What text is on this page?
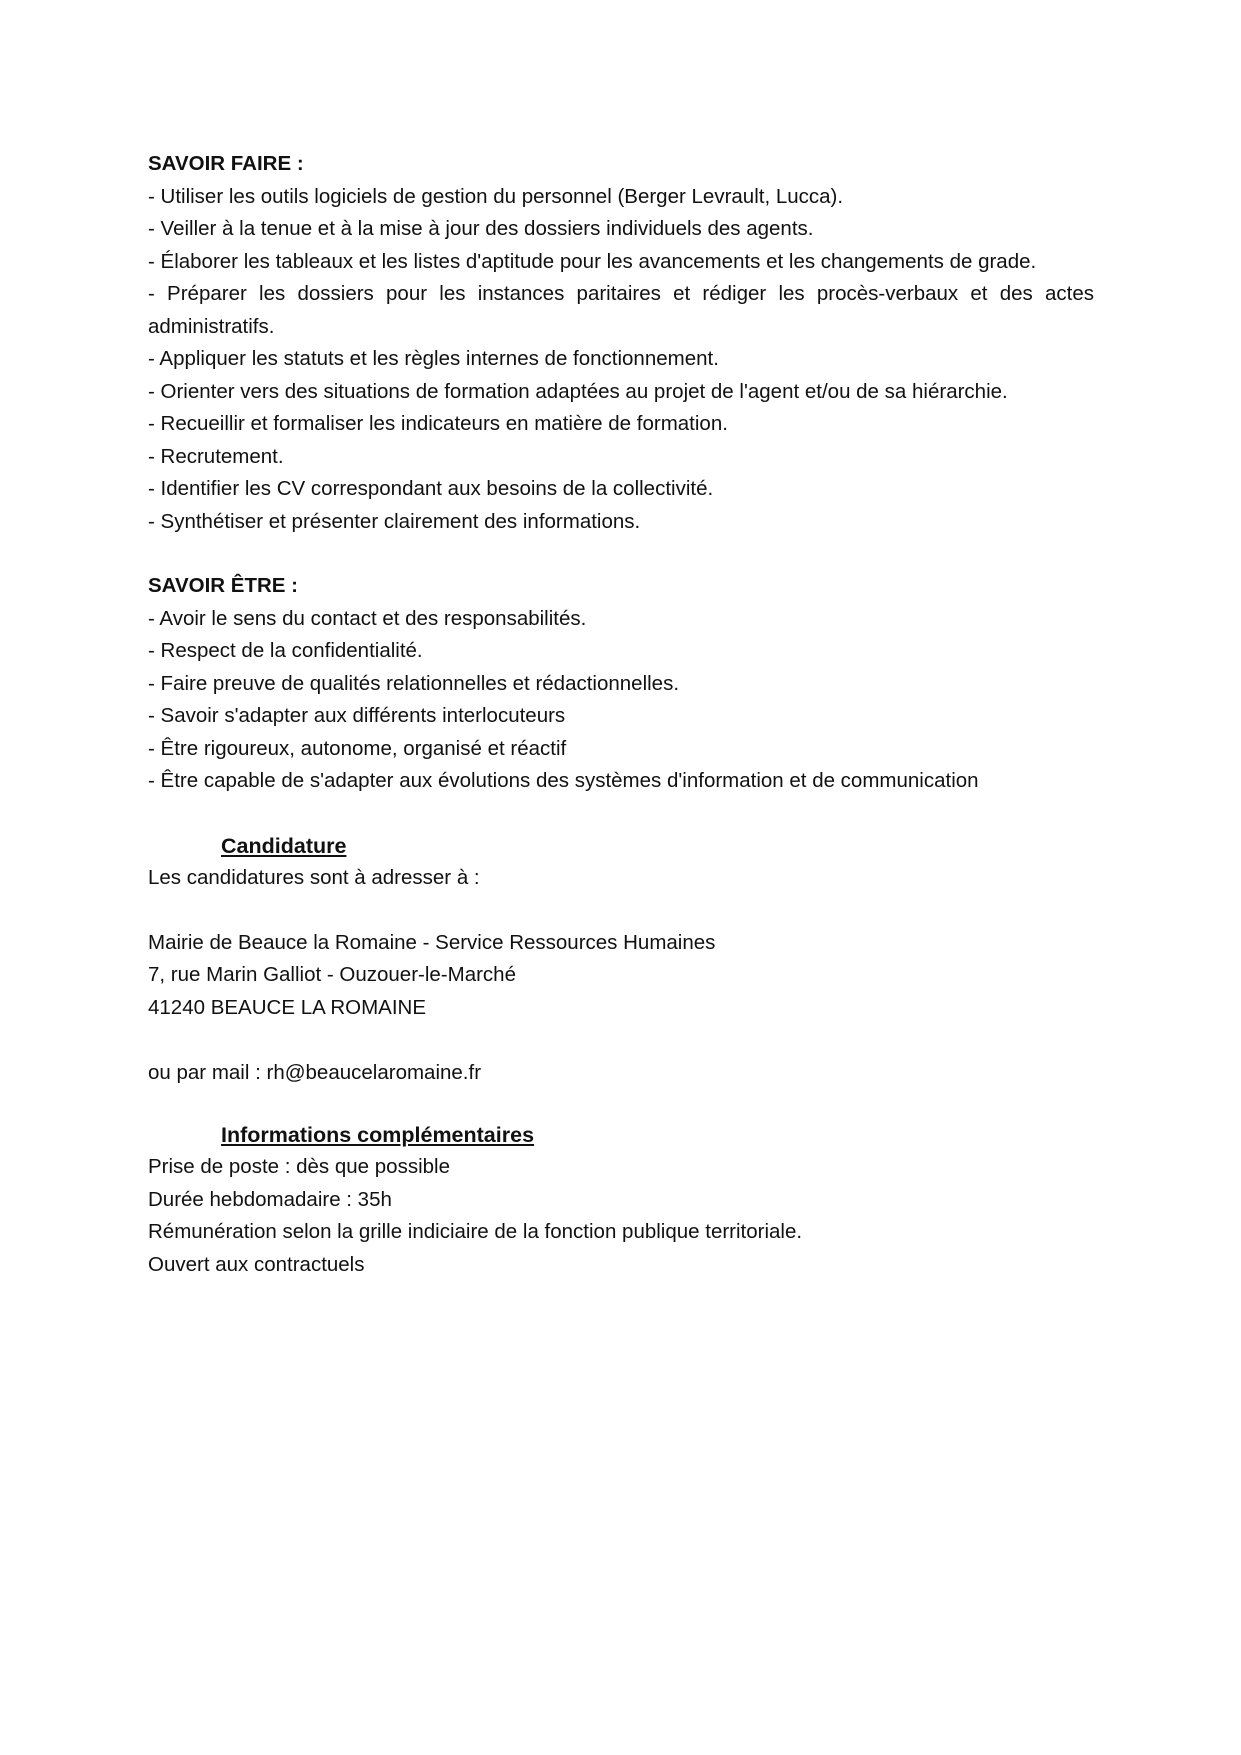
SAVOIR FAIRE :

- Utiliser les outils logiciels de gestion du personnel (Berger Levrault, Lucca).
- Veiller à la tenue et à la mise à jour des dossiers individuels des agents.
- Élaborer les tableaux et les listes d'aptitude pour les avancements et les changements de grade.
- Préparer les dossiers pour les instances paritaires et rédiger les procès-verbaux et des actes administratifs.
- Appliquer les statuts et les règles internes de fonctionnement.
- Orienter vers des situations de formation adaptées au projet de l'agent et/ou de sa hiérarchie.
- Recueillir et formaliser les indicateurs en matière de formation.
- Recrutement.
- Identifier les CV correspondant aux besoins de la collectivité.
- Synthétiser et présenter clairement des informations.

SAVOIR ÊTRE :

- Avoir le sens du contact et des responsabilités.
- Respect de la confidentialité.
- Faire preuve de qualités relationnelles et rédactionnelles.
- Savoir s'adapter aux différents interlocuteurs
- Être rigoureux, autonome, organisé et réactif
- Être capable de s'adapter aux évolutions des systèmes d'information et de communication

Candidature

Les candidatures sont à adresser à :

Mairie de Beauce la Romaine - Service Ressources Humaines

7, rue Marin Galliot - Ouzouer-le-Marché

41240 BEAUCE LA ROMAINE

ou par mail : rh@beaucelaromaine.fr

Informations complémentaires

Prise de poste : dès que possible

Durée hebdomadaire : 35h

Rémunération selon la grille indiciaire de la fonction publique territoriale.

Ouvert aux contractuels
